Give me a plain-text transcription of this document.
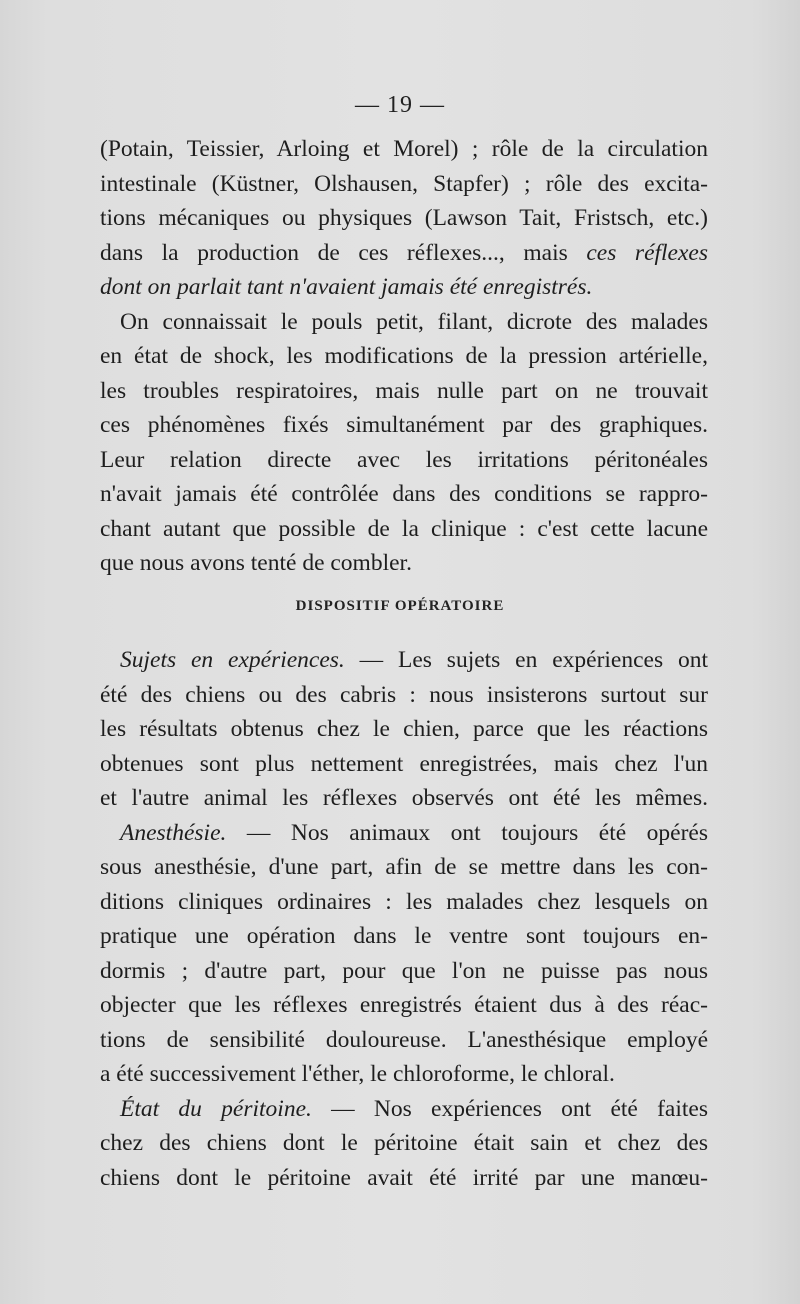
— 19 —
(Potain, Teissier, Arloing et Morel) ; rôle de la circulation
intestinale (Küstner, Olshausen, Stapfer) ; rôle des excita-
tions mécaniques ou physiques (Lawson Tait, Fristsch, etc.)
dans la production de ces réflexes..., mais ces réflexes
dont on parlait tant n'avaient jamais été enregistrés.
On connaissait le pouls petit, filant, dicrote des malades
en état de shock, les modifications de la pression artérielle,
les troubles respiratoires, mais nulle part on ne trouvait
ces phénomènes fixés simultanément par des graphiques.
Leur relation directe avec les irritations péritonéales
n'avait jamais été contrôlée dans des conditions se rappro-
chant autant que possible de la clinique : c'est cette lacune
que nous avons tenté de combler.
DISPOSITIF OPÉRATOIRE
Sujets en expériences. — Les sujets en expériences ont
été des chiens ou des cabris : nous insisterons surtout sur
les résultats obtenus chez le chien, parce que les réactions
obtenues sont plus nettement enregistrées, mais chez l'un
et l'autre animal les réflexes observés ont été les mêmes.
Anesthésie. — Nos animaux ont toujours été opérés
sous anesthésie, d'une part, afin de se mettre dans les con-
ditions cliniques ordinaires : les malades chez lesquels on
pratique une opération dans le ventre sont toujours en-
dormis ; d'autre part, pour que l'on ne puisse pas nous
objecter que les réflexes enregistrés étaient dus à des réac-
tions de sensibilité douloureuse. L'anesthésique employé
a été successivement l'éther, le chloroforme, le chloral.
État du péritoine. — Nos expériences ont été faites
chez des chiens dont le péritoine était sain et chez des
chiens dont le péritoine avait été irrité par une manœu-
